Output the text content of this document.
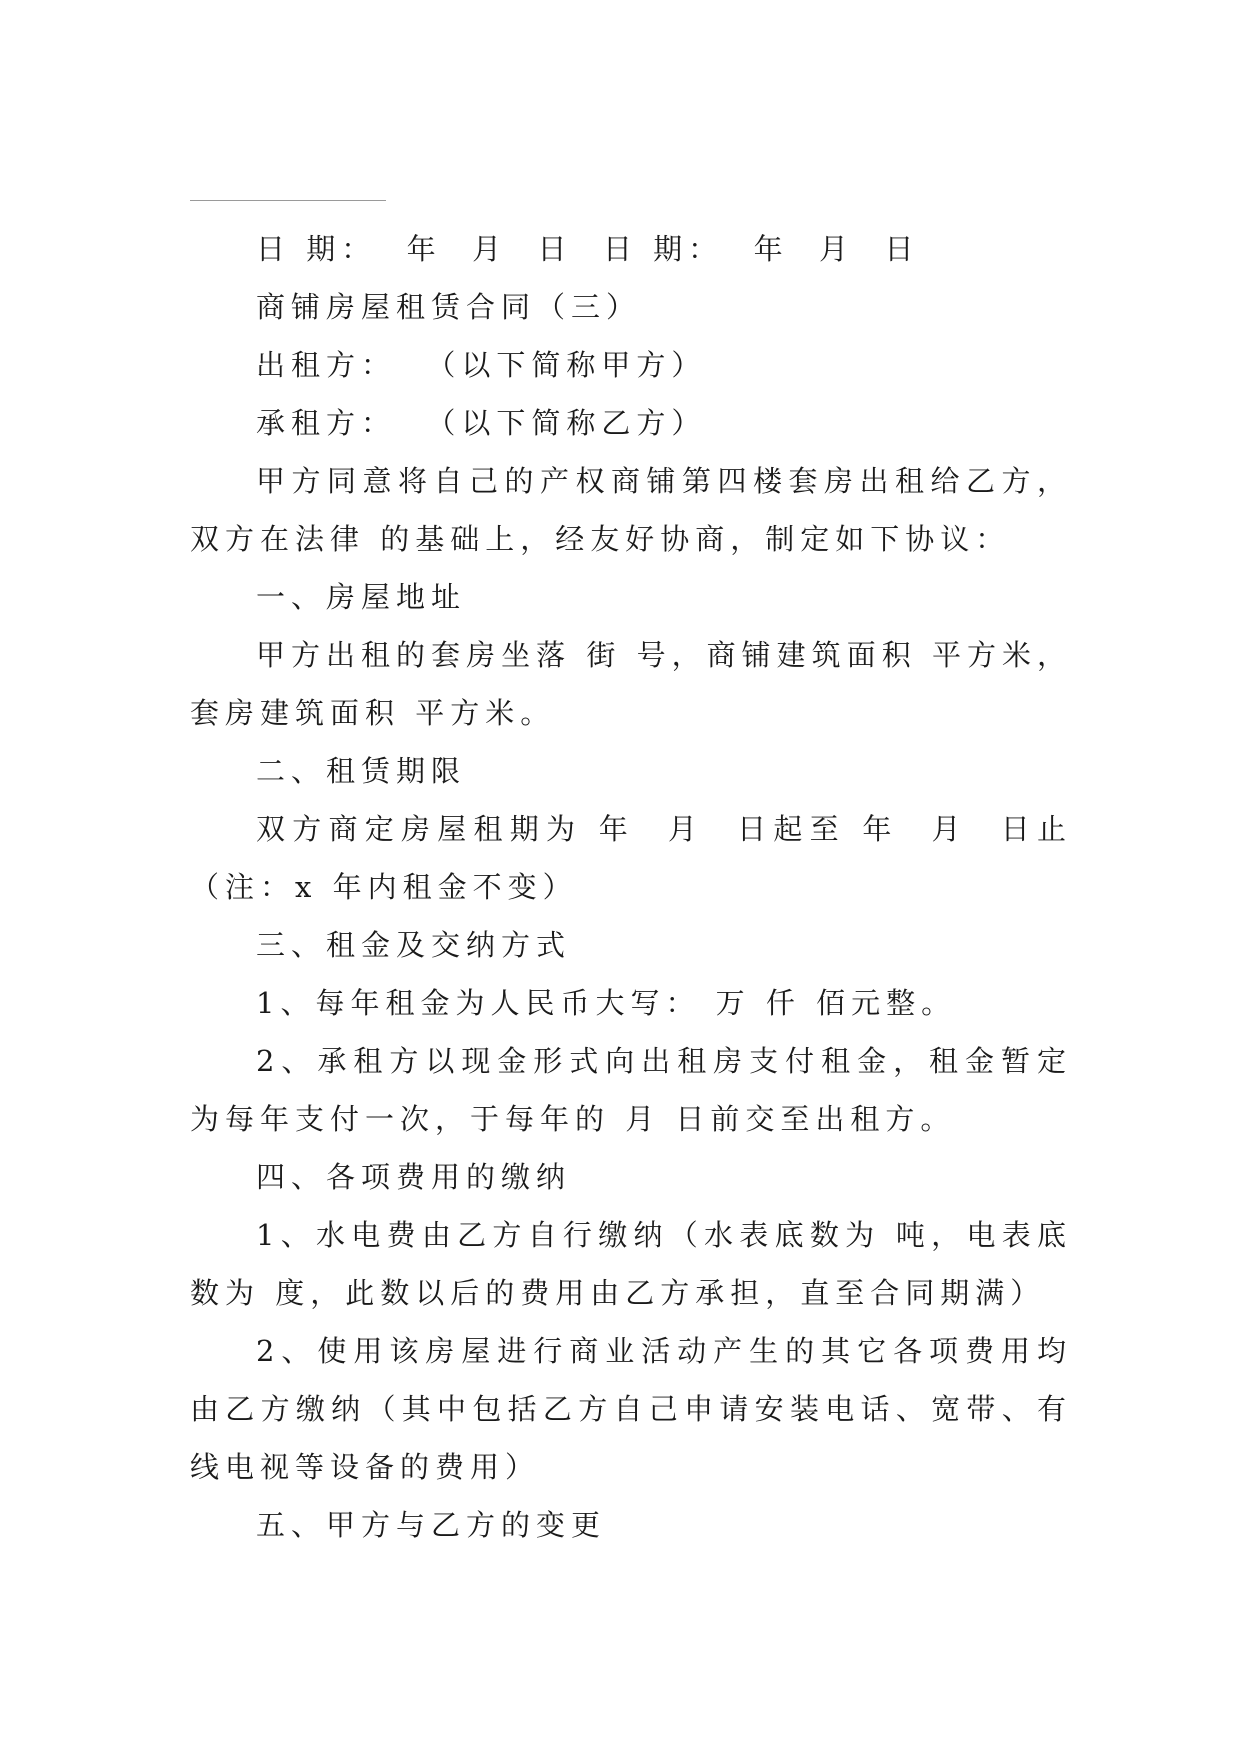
日 期：  年  月  日  日 期：  年  月  日

商铺房屋租赁合同（三）

出租方：  （以下简称甲方）

承租方：  （以下简称乙方）

甲方同意将自己的产权商铺第四楼套房出租给乙方，双方在法律 的基础上，经友好协商，制定如下协议：

一、房屋地址

甲方出租的套房坐落 街 号，商铺建筑面积 平方米，套房建筑面积 平方米。

二、租赁期限

双方商定房屋租期为 年  月  日起至 年  月  日止（注：x 年内租金不变）

三、租金及交纳方式

1、每年租金为人民币大写： 万 仟 佰元整。

2、承租方以现金形式向出租房支付租金，租金暂定为每年支付一次，于每年的 月 日前交至出租方。

四、各项费用的缴纳

1、水电费由乙方自行缴纳（水表底数为 吨，电表底数为 度，此数以后的费用由乙方承担，直至合同期满）

2、使用该房屋进行商业活动产生的其它各项费用均由乙方缴纳（其中包括乙方自己申请安装电话、宽带、有线电视等设备的费用）

五、甲方与乙方的变更
